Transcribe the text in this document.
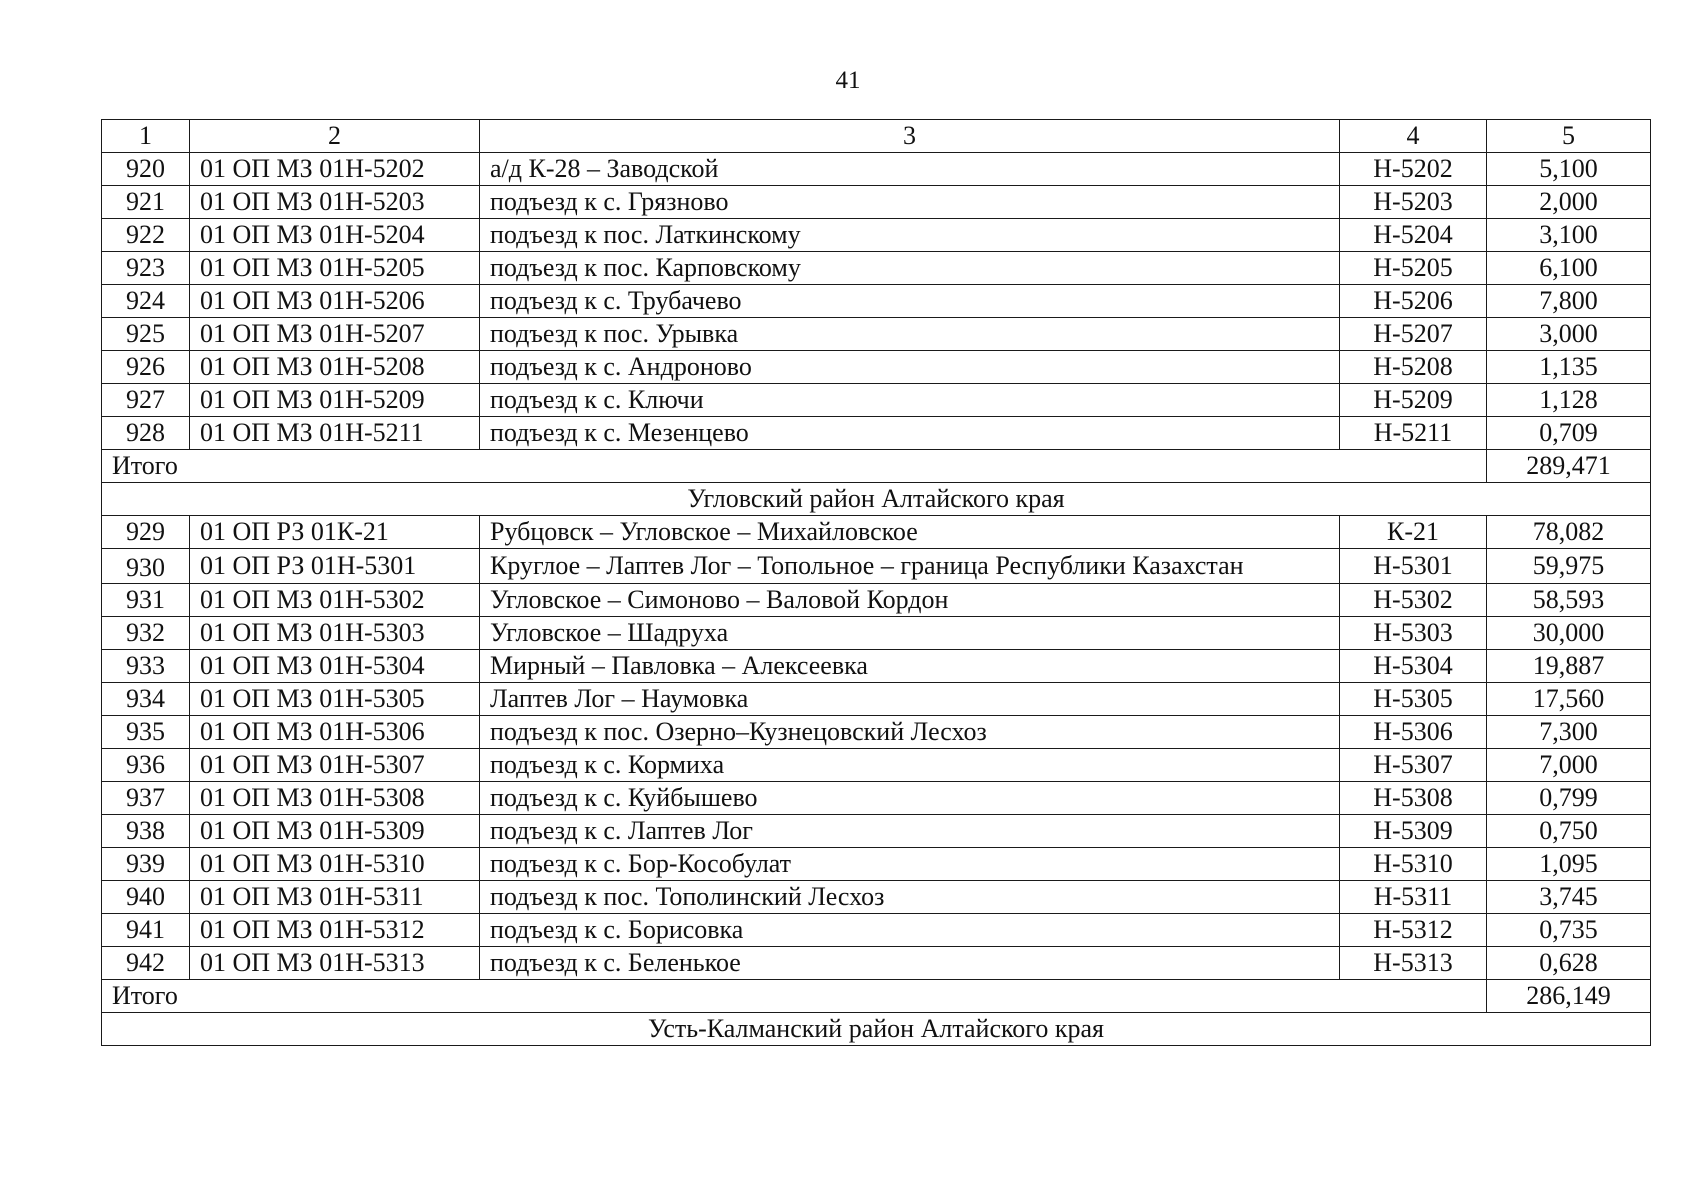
41
1	2	3	4	5
920	01 ОП МЗ 01Н-5202	а/д К-28 – Заводской	Н-5202	5,100
921	01 ОП МЗ 01Н-5203	подъезд к с. Грязново	Н-5203	2,000
922	01 ОП МЗ 01Н-5204	подъезд к пос. Латкинскому	Н-5204	3,100
923	01 ОП МЗ 01Н-5205	подъезд к пос. Карповскому	Н-5205	6,100
924	01 ОП МЗ 01Н-5206	подъезд к с. Трубачево	Н-5206	7,800
925	01 ОП МЗ 01Н-5207	подъезд к пос. Урывка	Н-5207	3,000
926	01 ОП МЗ 01Н-5208	подъезд к с. Андроново	Н-5208	1,135
927	01 ОП МЗ 01Н-5209	подъезд к с. Ключи	Н-5209	1,128
928	01 ОП МЗ 01Н-5211	подъезд к с. Мезенцево	Н-5211	0,709
Итого				289,471
Угловский район Алтайского края				
929	01 ОП РЗ 01К-21	Рубцовск – Угловское – Михайловское	К-21	78,082
930	01 ОП РЗ 01Н-5301	Круглое – Лаптев Лог – Топольное – граница Республики Казахстан	Н-5301	59,975
931	01 ОП МЗ 01Н-5302	Угловское – Симоново – Валовой Кордон	Н-5302	58,593
932	01 ОП МЗ 01Н-5303	Угловское – Шадруха	Н-5303	30,000
933	01 ОП МЗ 01Н-5304	Мирный – Павловка – Алексеевка	Н-5304	19,887
934	01 ОП МЗ 01Н-5305	Лаптев Лог – Наумовка	Н-5305	17,560
935	01 ОП МЗ 01Н-5306	подъезд к пос. Озерно–Кузнецовский Лесхоз	Н-5306	7,300
936	01 ОП МЗ 01Н-5307	подъезд к с. Кормиха	Н-5307	7,000
937	01 ОП МЗ 01Н-5308	подъезд к с. Куйбышево	Н-5308	0,799
938	01 ОП МЗ 01Н-5309	подъезд к с. Лаптев Лог	Н-5309	0,750
939	01 ОП МЗ 01Н-5310	подъезд к с. Бор-Кособулат	Н-5310	1,095
940	01 ОП МЗ 01Н-5311	подъезд к пос. Тополинский Лесхоз	Н-5311	3,745
941	01 ОП МЗ 01Н-5312	подъезд к с. Борисовка	Н-5312	0,735
942	01 ОП МЗ 01Н-5313	подъезд к с. Беленькое	Н-5313	0,628
Итого				286,149
Усть-Калманский район Алтайского края				
